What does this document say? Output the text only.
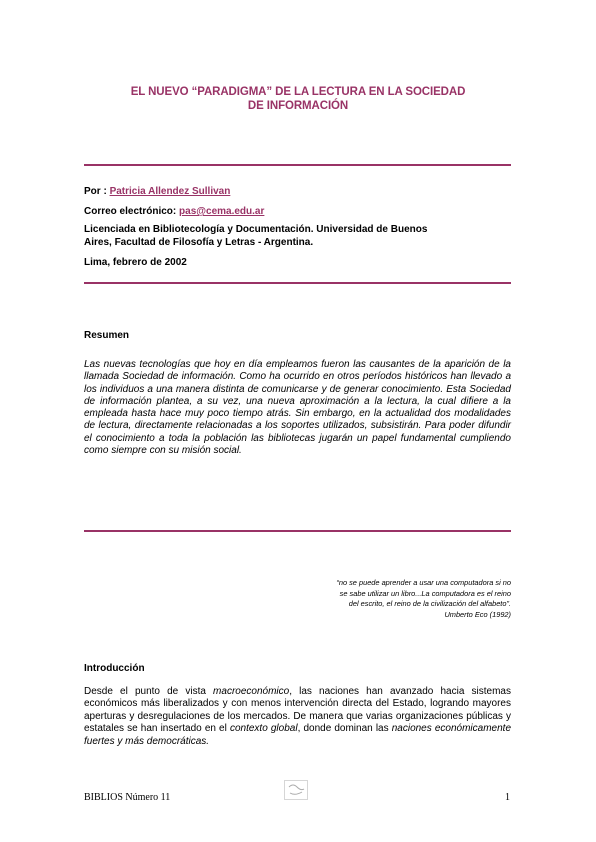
EL NUEVO “PARADIGMA” DE LA LECTURA EN LA SOCIEDAD
DE INFORMACIÓN
Por : Patricia Allendez Sullivan
Correo electrónico: pas@cema.edu.ar
Licenciada en Bibliotecología y Documentación. Universidad de Buenos
Aires, Facultad de Filosofía y Letras - Argentina.
Lima, febrero de 2002
Resumen
Las nuevas tecnologías que hoy en día empleamos fueron las causantes de la aparición de la llamada Sociedad de información. Como ha ocurrido en otros períodos históricos han llevado a los individuos a una manera distinta de comunicarse y de generar conocimiento. Esta Sociedad de información plantea, a su vez, una nueva aproximación a la lectura, la cual difiere a la empleada hasta hace muy poco tiempo atrás. Sin embargo, en la actualidad dos modalidades de lectura, directamente relacionadas a los soportes utilizados, subsistirán. Para poder difundir el conocimiento a toda la población las bibliotecas jugarán un papel fundamental cumpliendo como siempre con su misión social.
“no se puede aprender a usar una computadora si no
se sabe utilizar un libro...La computadora es el reino
del escrito, el reino de la civilización del alfabeto”.
Umberto Eco (1992)
Introducción
Desde el punto de vista macroeconómico, las naciones han avanzado hacia sistemas económicos más liberalizados y con menos intervención directa del Estado, logrando mayores aperturas y desregulaciones de los mercados. De manera que varias organizaciones públicas y estatales se han insertado en el contexto global, donde dominan las naciones económicamente fuertes y más democráticas.
BIBLIOS Número 11	1
